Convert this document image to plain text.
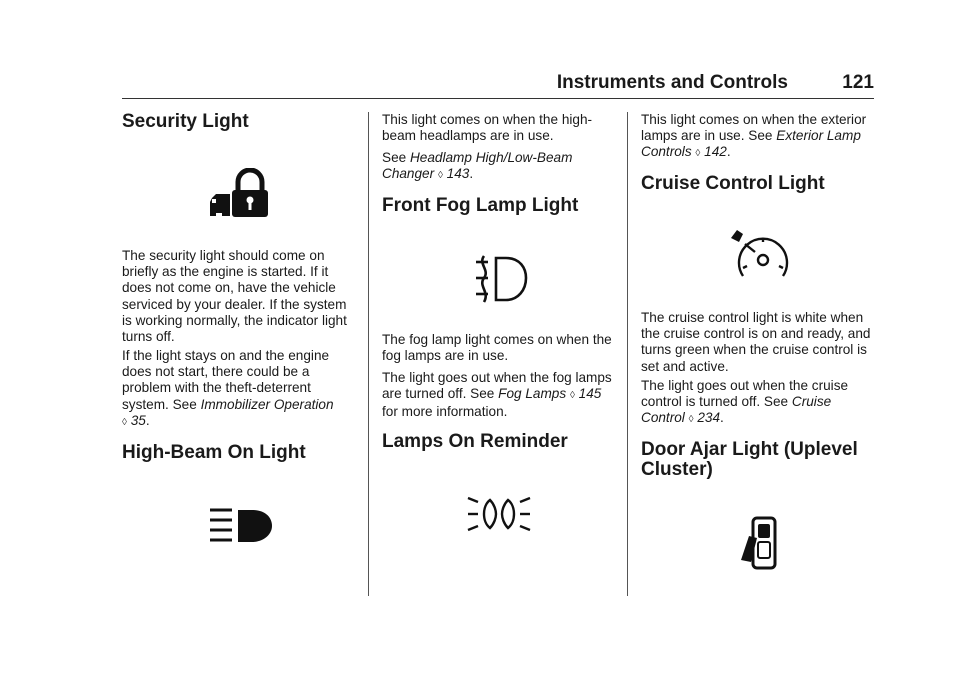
Instruments and Controls	121
Security Light

The security light should come on briefly as the engine is started. If it does not come on, have the vehicle serviced by your dealer. If the system is working normally, the indicator light turns off.

If the light stays on and the engine does not start, there could be a problem with the theft-deterrent system. See Immobilizer Operation
◊ 35.

High-Beam On Light

This light comes on when the high-beam headlamps are in use.

See Headlamp High/Low-Beam Changer ◊ 143.

Front Fog Lamp Light

The fog lamp light comes on when the fog lamps are in use.

The light goes out when the fog lamps are turned off. See Fog Lamps ◊ 145 for more information.

Lamps On Reminder

This light comes on when the exterior lamps are in use. See Exterior Lamp Controls ◊ 142.

Cruise Control Light

The cruise control light is white when the cruise control is on and ready, and turns green when the cruise control is set and active.

The light goes out when the cruise control is turned off. See Cruise Control ◊ 234.

Door Ajar Light (Uplevel Cluster)
